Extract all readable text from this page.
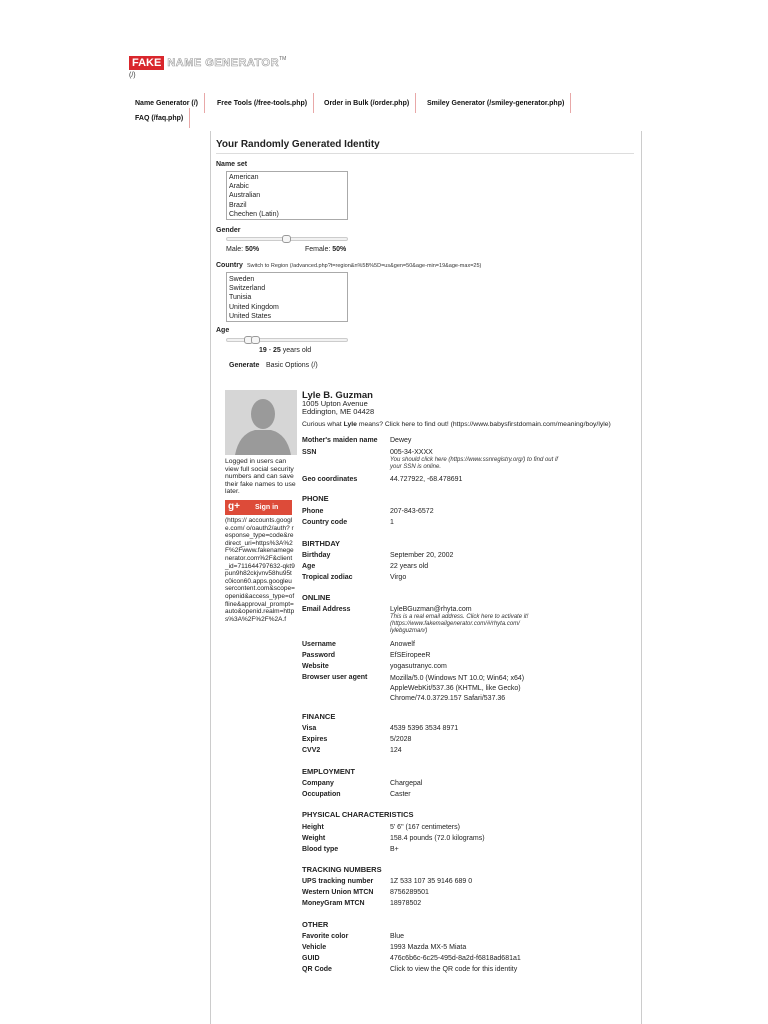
FAKE NAME GENERATOR™
(/)
Name Generator (/)	Free Tools (/free-tools.php)	Order in Bulk (/order.php)	Smiley Generator (/smiley-generator.php)
FAQ (/faq.php)
Your Randomly Generated Identity
Name set
American
Arabic
Australian
Brazil
Chechen (Latin)
Gender
Male: 50%	Female: 50%
Country Switch to Region (/advanced.php?t=region&n%5B%5D=us&gen=50&age-min=19&age-max=25)
Sweden
Switzerland
Tunisia
United Kingdom
United States
Age
19 - 25 years old
Generate Basic Options (/)
Logged in users can view full social security numbers and can save their fake names to use later.
g+ Sign in
(https:// accounts.google.com/ o/oauth2/auth? response_type=code&redirect_uri=https%3A%2F%2Fwww.fakenamegenerator.com%2F&client_id=711644797632-qkt9pun9h82ckjvnv58hu95tc0icon60.apps.googleusercontent.com&scope=openid&access_type=offline&approval_prompt=auto&openid.realm=https%3A%2F%2F%2A.f
Lyle B. Guzman
1005 Upton Avenue
Eddington, ME 04428
Curious what Lyle means? Click here to find out! (https://www.babysfirstdomain.com/meaning/boy/lyle)
Mother's maiden name Dewey
SSN	005-34-XXXX
You should click here (https://www.ssnregistry.org/) to find out if your SSN is online.
Geo coordinates	44.727922, -68.478691
PHONE
Phone	207-843-6572
Country code	1
BIRTHDAY
Birthday	September 20, 2002
Age	22 years old
Tropical zodiac	Virgo
ONLINE
Email Address	LyleBGuzman@rhyta.com
This is a real email address. Click here to activate it! (https://www.fakemailgenerator.com/#/rhyta.com/ lylebguzman/)
Username	Anowelf
Password	EfSEiropeeR
Website	yogasutranyc.com
Browser user agent	Mozilla/5.0 (Windows NT 10.0; Win64; x64)
AppleWebKit/537.36 (KHTML, like Gecko)
Chrome/74.0.3729.157 Safari/537.36
FINANCE
Visa	4539 5396 3534 8971
Expires	5/2028
CVV2	124
EMPLOYMENT
Company	Chargepal
Occupation	Caster
PHYSICAL CHARACTERISTICS
Height	5' 6" (167 centimeters)
Weight	158.4 pounds (72.0 kilograms)
Blood type	B+
TRACKING NUMBERS
UPS tracking number 1Z 533 107 35 9146 689 0
Western Union MTCN 8756289501
MoneyGram MTCN	18978502
OTHER
Favorite color	Blue
Vehicle	1993 Mazda MX-5 Miata
GUID	476c6b6c-6c25-495d-8a2d-f6818ad681a1
QR Code	Click to view the QR code for this identity
